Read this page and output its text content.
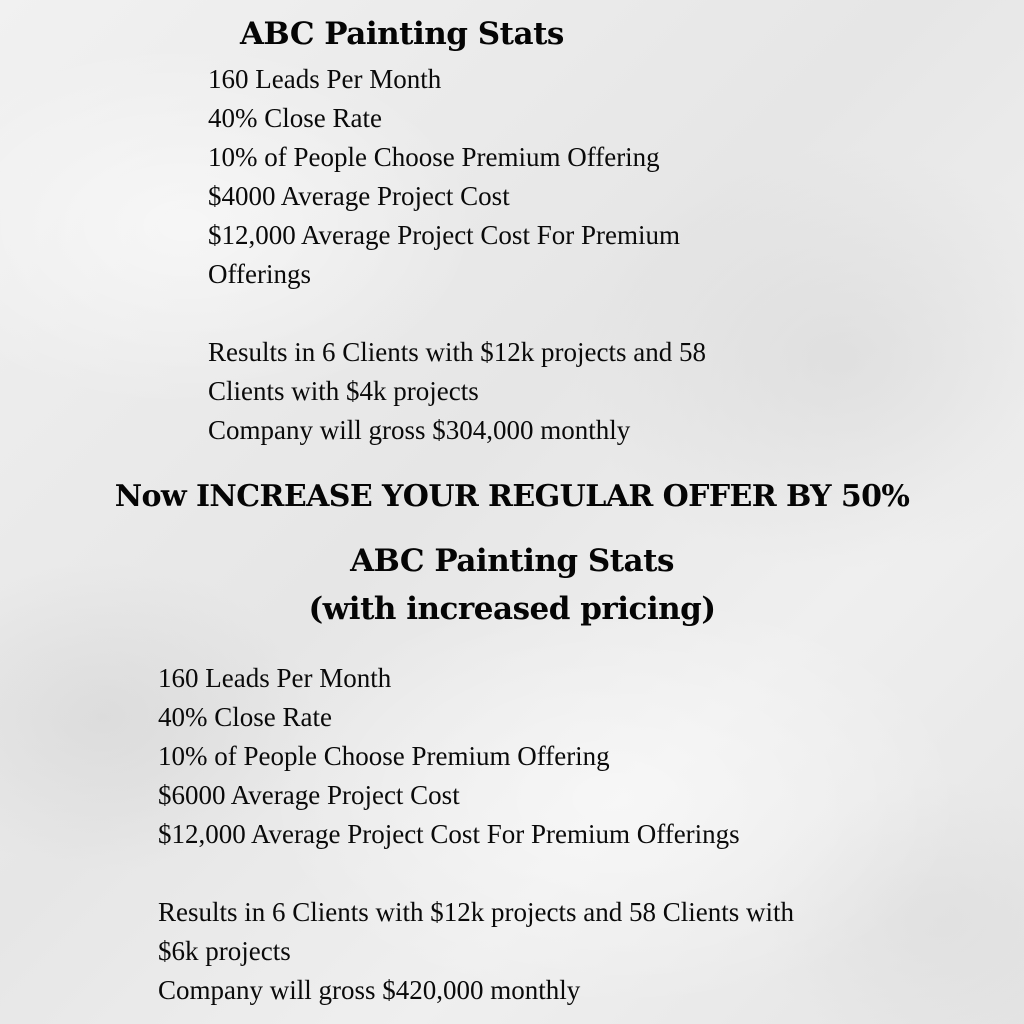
ABC Painting Stats
160 Leads Per Month
40% Close Rate
10% of People Choose Premium Offering
$4000 Average Project Cost
$12,000 Average Project Cost For Premium
Offerings
Results in 6 Clients with $12k projects and 58
Clients with $4k projects
Company will gross $304,000 monthly
Now INCREASE YOUR REGULAR OFFER BY 50%
ABC Painting Stats
(with increased pricing)
160 Leads Per Month
40% Close Rate
10% of People Choose Premium Offering
$6000 Average Project Cost
$12,000 Average Project Cost For Premium Offerings
Results in 6 Clients with $12k projects and 58 Clients with
$6k projects
Company will gross $420,000 monthly
